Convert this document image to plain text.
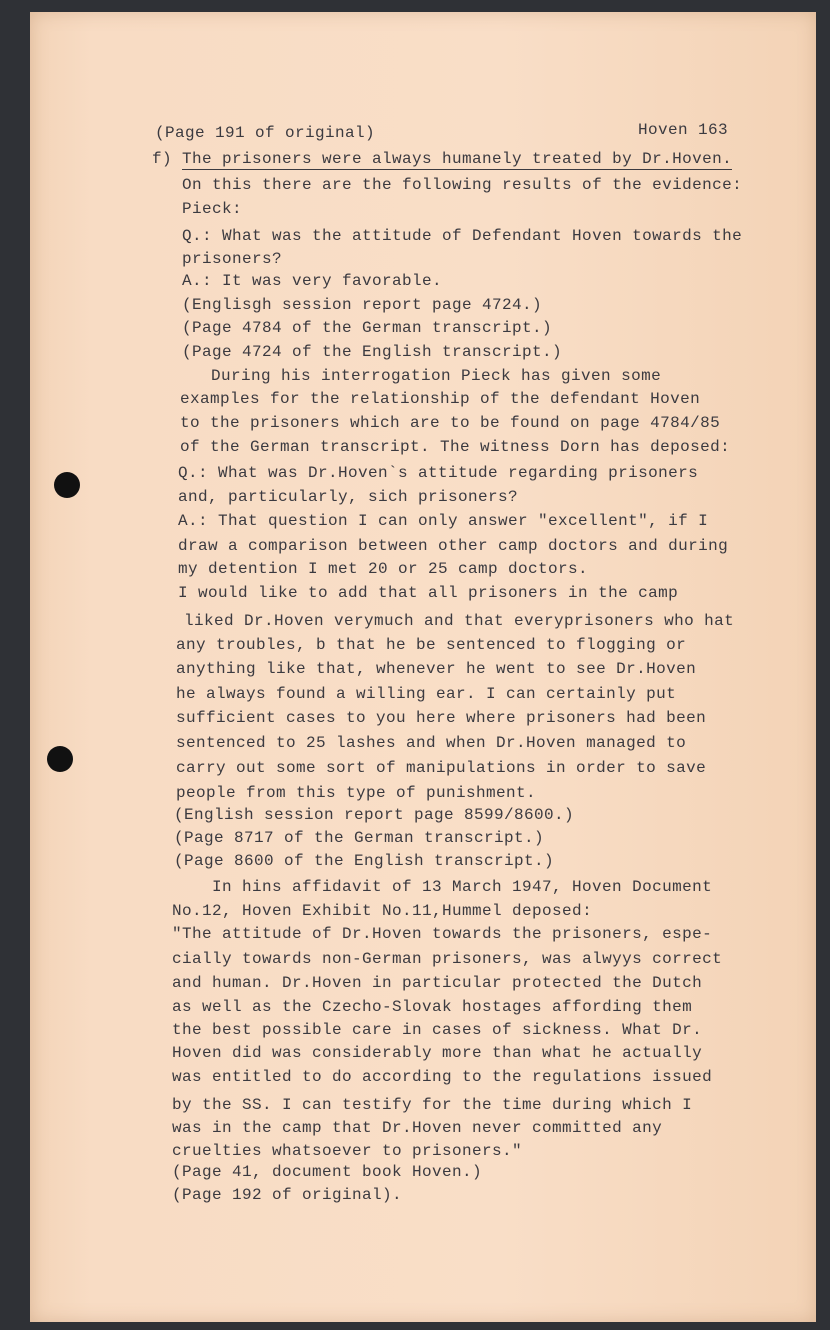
(Page 191 of original)	Hoven 163
f) The prisoners were always humanely treated by Dr.Hoven.
On this there are the following results of the evidence:
Pieck:
Q.: What was the attitude of Defendant Hoven towards the
prisoners?
A.: It was very favorable.
(Englisgh session report page 4724.)
(Page 4784 of the German transcript.)
(Page 4724 of the English transcript.)
During his interrogation Pieck has given some
examples for the relationship of the defendant Hoven
to the prisoners which are to be found on page 4784/85
of the German transcript. The witness Dorn has deposed:
Q.: What was Dr.Hoven`s attitude regarding prisoners
and, particularly, sich prisoners?
A.: That question I can only answer "excellent", if I
draw a comparison between other camp doctors and during
my detention I met 20 or 25 camp doctors.
I would like to add that all prisoners in the camp
liked Dr.Hoven verymuch and that everyprisoners who hat
any troubles, b that he be sentenced to flogging or
anything like that, whenever he went to see Dr.Hoven
he always found a willing ear. I can certainly put
sufficient cases to you here where prisoners had been
sentenced to 25 lashes and when Dr.Hoven managed to
carry out some sort of manipulations in order to save
people from this type of punishment.
(English session report page 8599/8600.)
(Page 8717 of the German transcript.)
(Page 8600 of the English transcript.)
In hins affidavit of 13 March 1947, Hoven Document
No.12, Hoven Exhibit No.11,Hummel deposed:
"The attitude of Dr.Hoven towards the prisoners, espe-
cially towards non-German prisoners, was alwyys correct
and human. Dr.Hoven in particular protected the Dutch
as well as the Czecho-Slovak hostages affording them
the best possible care in cases of sickness. What Dr.
Hoven did was considerably more than what he actually
was entitled to do according to the regulations issued
by the SS. I can testify for the time during which I
was in the camp that Dr.Hoven never committed any
cruelties whatsoever to prisoners."
(Page 41, document book Hoven.)
(Page 192 of original).
